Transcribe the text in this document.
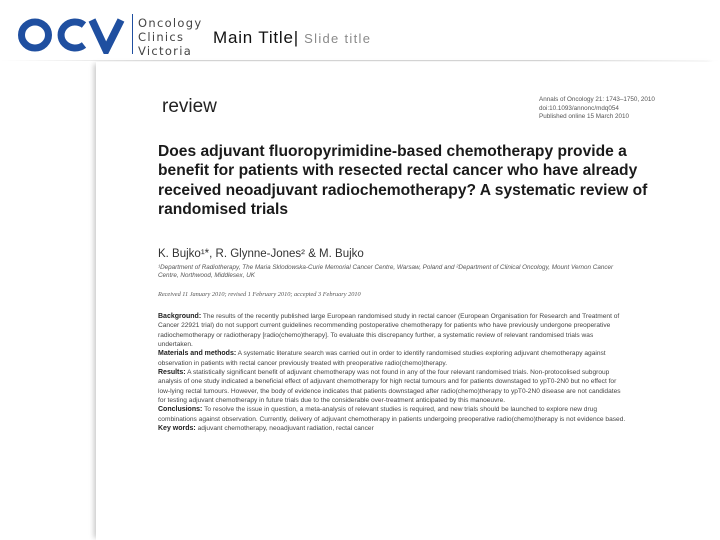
Oncology
Clinics
Victoria
Main Title| Slide title
review	Annals of Oncology 21: 1743–1750, 2010
doi:10.1093/annonc/mdq054
Published online 15 March 2010
Does adjuvant fluoropyrimidine-based chemotherapy provide a benefit for patients with resected rectal cancer who have already received neoadjuvant radiochemotherapy? A systematic review of randomised trials
K. Bujko¹*, R. Glynne-Jones² & M. Bujko
¹Department of Radiotherapy, The Maria Sklodowska-Curie Memorial Cancer Centre, Warsaw, Poland and ²Department of Clinical Oncology, Mount Vernon Cancer Centre, Northwood, Middlesex, UK
Received 11 January 2010; revised 1 February 2010; accepted 3 February 2010
Background: The results of the recently published large European randomised study in rectal cancer (European Organisation for Research and Treatment of Cancer 22921 trial) do not support current guidelines recommending postoperative chemotherapy for patients who have previously undergone preoperative radiochemotherapy or radiotherapy [radio(chemo)therapy]. To evaluate this discrepancy further, a systematic review of relevant randomised trials was undertaken.
Materials and methods: A systematic literature search was carried out in order to identify randomised studies exploring adjuvant chemotherapy against observation in patients with rectal cancer previously treated with preoperative radio(chemo)therapy.
Results: A statistically significant benefit of adjuvant chemotherapy was not found in any of the four relevant randomised trials. Non-protocolised subgroup analysis of one study indicated a beneficial effect of adjuvant chemotherapy for high rectal tumours and for patients downstaged to ypT0-2N0 but no effect for low-lying rectal tumours. However, the body of evidence indicates that patients downstaged after radio(chemo)therapy to ypT0-2N0 disease are not candidates for testing adjuvant chemotherapy in future trials due to the considerable over-treatment anticipated by this manoeuvre.
Conclusions: To resolve the issue in question, a meta-analysis of relevant studies is required, and new trials should be launched to explore new drug combinations against observation. Currently, delivery of adjuvant chemotherapy in patients undergoing preoperative radio(chemo)therapy is not evidence based.
Key words: adjuvant chemotherapy, neoadjuvant radiation, rectal cancer
